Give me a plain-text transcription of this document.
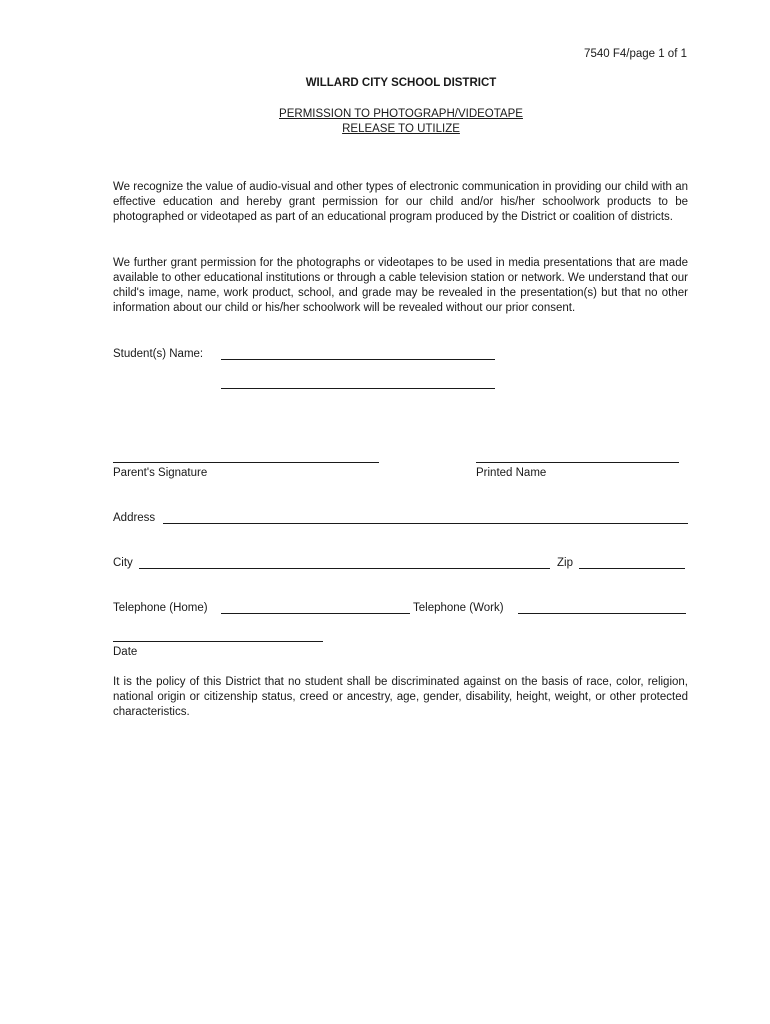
7540 F4/page 1 of 1
WILLARD CITY SCHOOL DISTRICT
PERMISSION TO PHOTOGRAPH/VIDEOTAPE
RELEASE TO UTILIZE
We recognize the value of audio-visual and other types of electronic communication in providing our child with an effective education and hereby grant permission for our child and/or his/her schoolwork products to be photographed or videotaped as part of an educational program produced by the District or coalition of districts.
We further grant permission for the photographs or videotapes to be used in media presentations that are made available to other educational institutions or through a cable television station or network. We understand that our child's image, name, work product, school, and grade may be revealed in the presentation(s) but that no other information about our child or his/her schoolwork will be revealed without our prior consent.
Student(s) Name:
Parent's Signature	Printed Name
Address
City	Zip
Telephone (Home)	Telephone (Work)
Date
It is the policy of this District that no student shall be discriminated against on the basis of race, color, religion, national origin or citizenship status, creed or ancestry, age, gender, disability, height, weight, or other protected characteristics.
